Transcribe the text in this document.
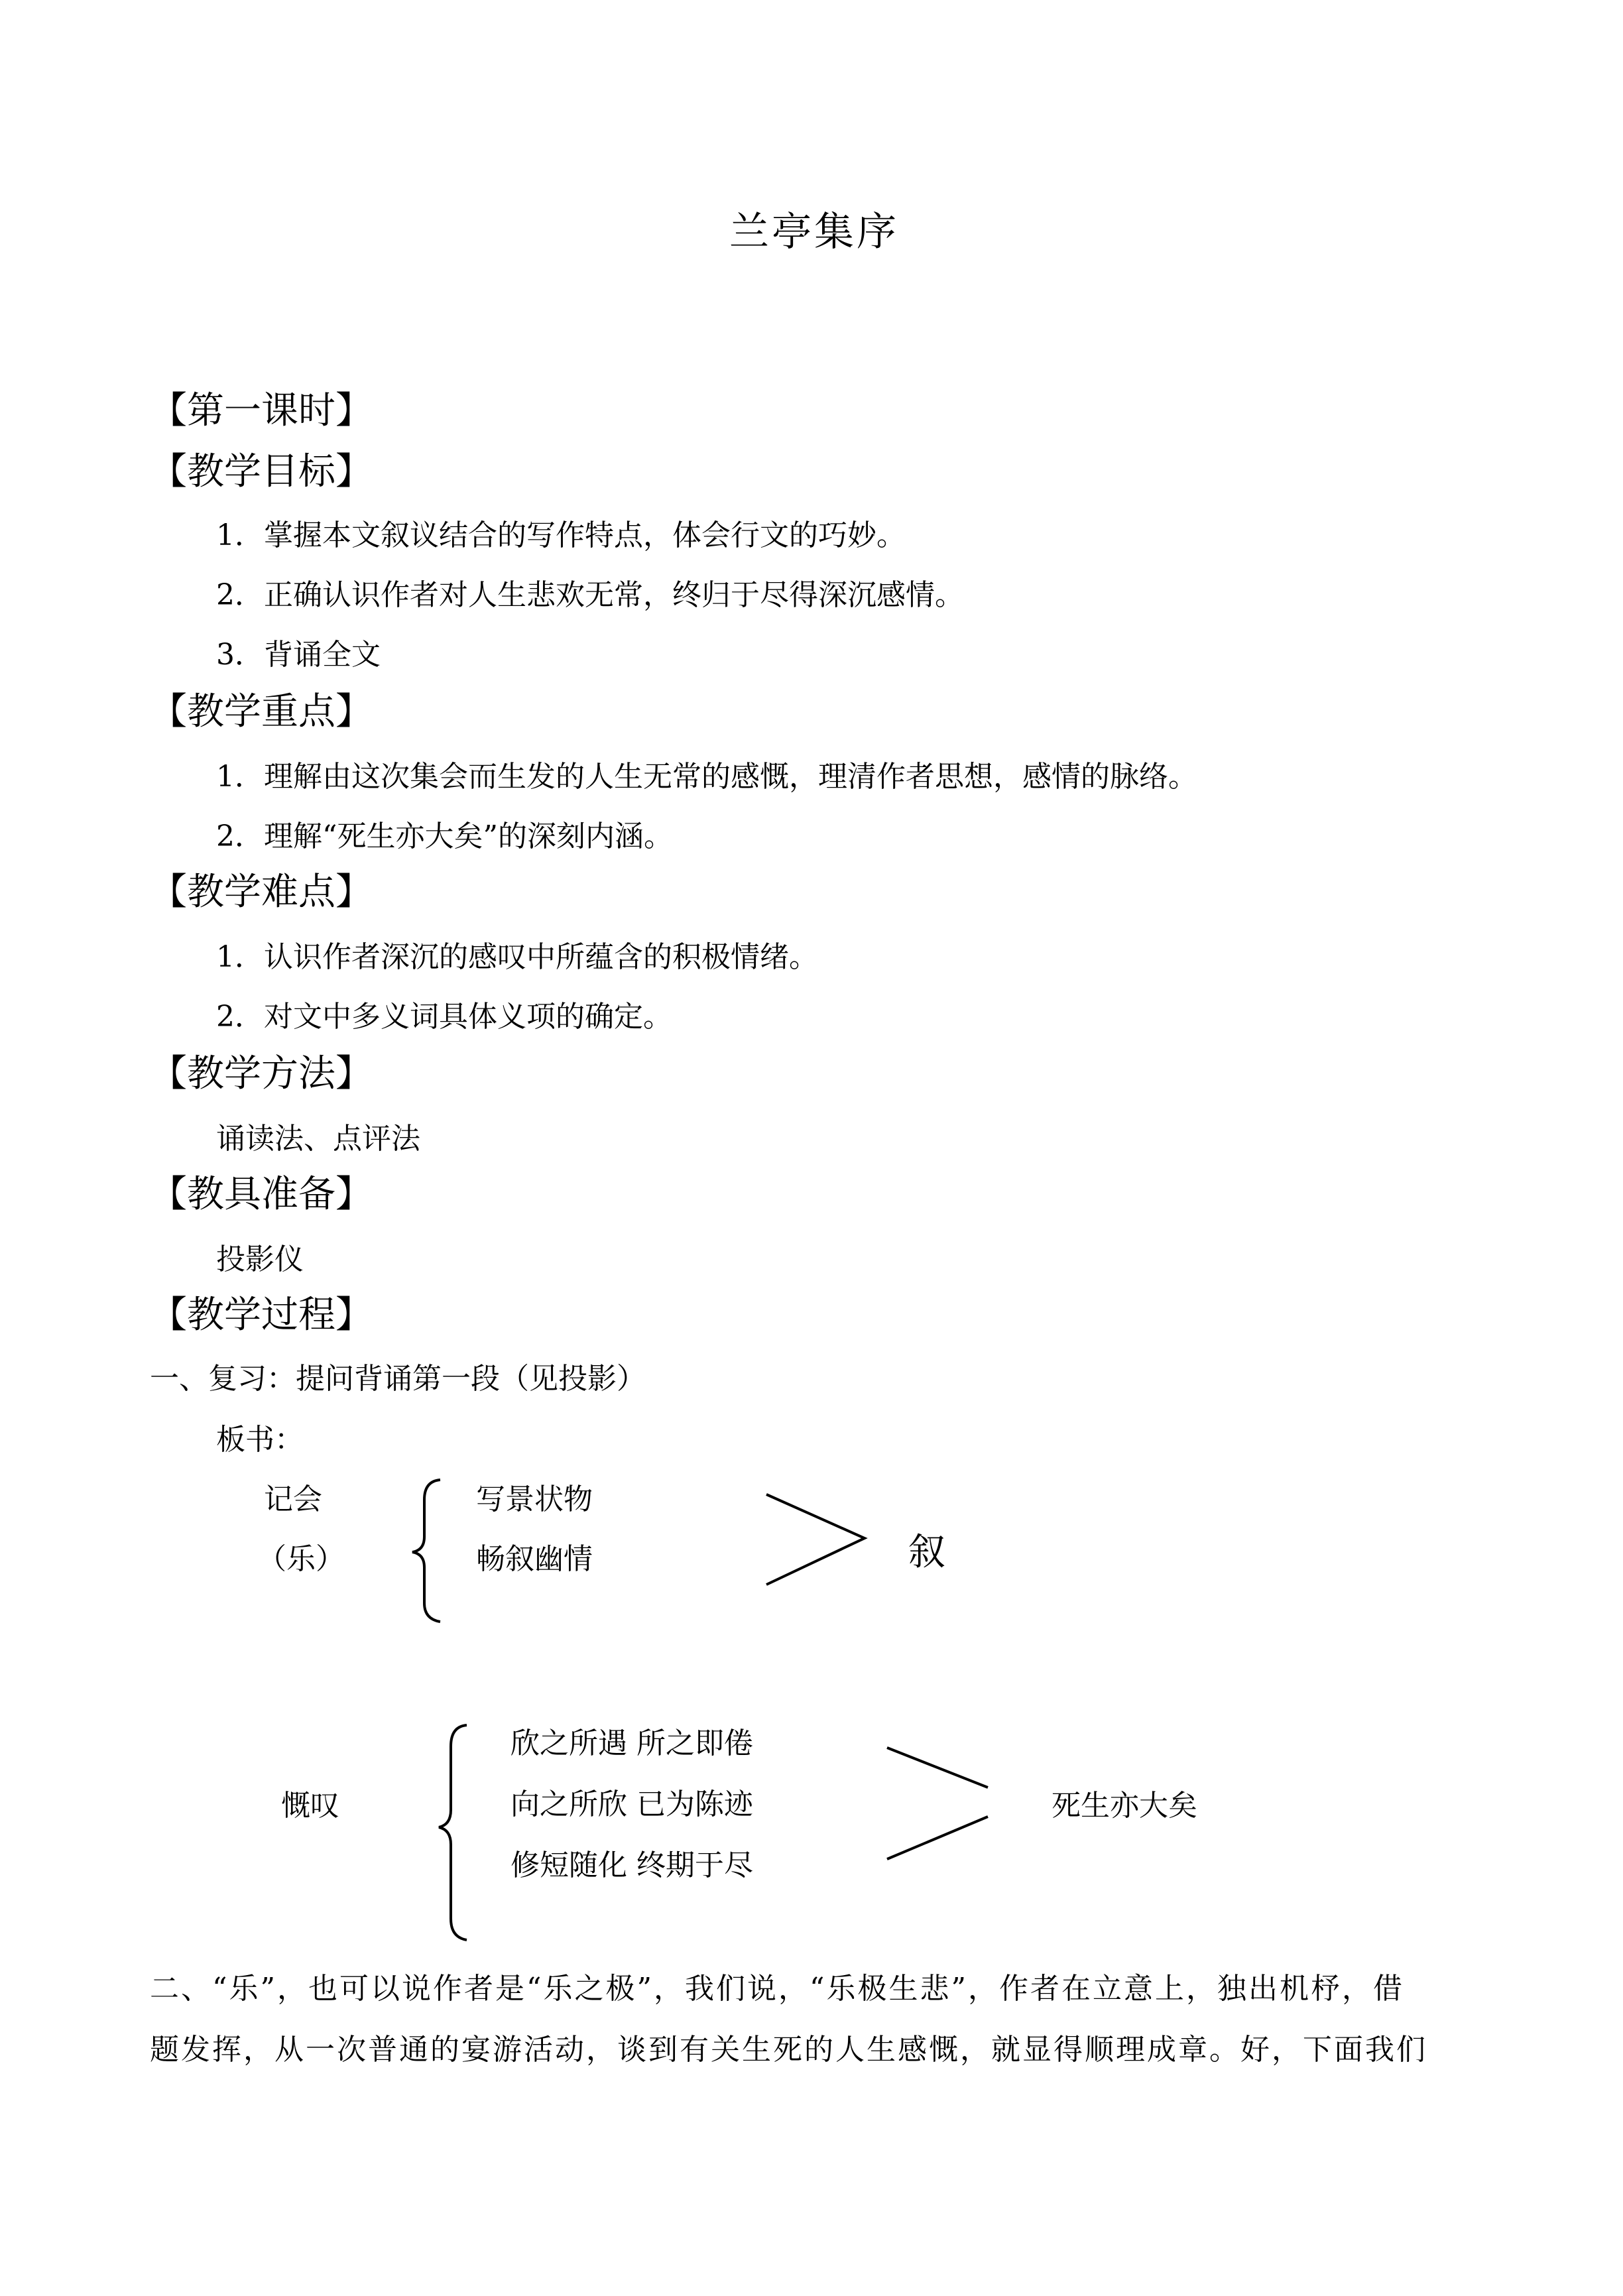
兰亭集序
【第一课时】
【教学目标】
1．掌握本文叙议结合的写作特点，体会行文的巧妙。
2．正确认识作者对人生悲欢无常，终归于尽得深沉感情。
3．背诵全文
【教学重点】
1．理解由这次集会而生发的人生无常的感慨，理清作者思想，感情的脉络。
2．理解“死生亦大矣”的深刻内涵。
【教学难点】
1．认识作者深沉的感叹中所蕴含的积极情绪。
2．对文中多义词具体义项的确定。
【教学方法】
诵读法、点评法
【教具准备】
投影仪
【教学过程】
一、复习：提问背诵第一段（见投影）
板书：
记会
（乐）
写景状物
畅叙幽情	叙
慨叹
欣之所遇 所之即倦
向之所欣 已为陈迹
修短随化 终期于尽
死生亦大矣
二、“乐”，也可以说作者是“乐之极”，我们说，“乐极生悲”，作者在立意上，独出机杼，借
题发挥，从一次普通的宴游活动，谈到有关生死的人生感慨，就显得顺理成章。好，下面我们
